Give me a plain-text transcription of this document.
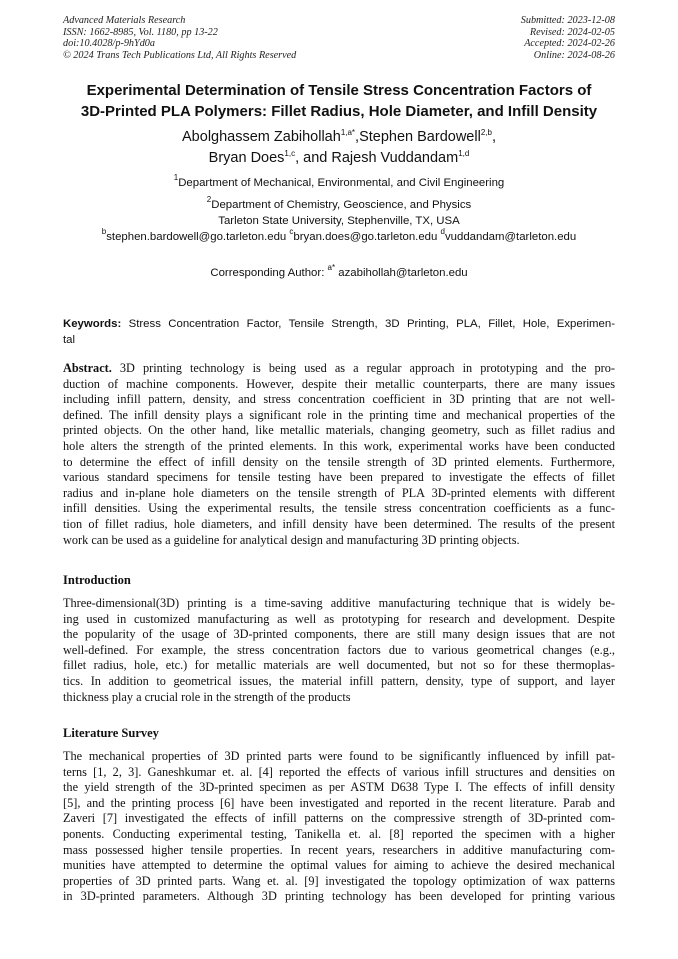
Advanced Materials Research
ISSN: 1662-8985, Vol. 1180, pp 13-22
doi:10.4028/p-9hYd0a
© 2024 Trans Tech Publications Ltd, All Rights Reserved
Submitted: 2023-12-08
Revised: 2024-02-05
Accepted: 2024-02-26
Online: 2024-08-26
Experimental Determination of Tensile Stress Concentration Factors of
3D-Printed PLA Polymers: Fillet Radius, Hole Diameter, and Infill Density
Abolghassem Zabihollah$^{1,a*}$,Stephen Bardowell$^{2,b}$,
Bryan Does$^{1,c}$, and Rajesh Vuddandam$^{1,d}$
$^1$Department of Mechanical, Environmental, and Civil Engineering
$^2$Department of Chemistry, Geoscience, and Physics
Tarleton State University, Stephenville, TX, USA
$^b$stephen.bardowell@go.tarleton.edu $^c$bryan.does@go.tarleton.edu $^d$vuddandam@tarleton.edu
Corresponding Author: $^{a*}$ azabihollah@tarleton.edu
Keywords: Stress Concentration Factor, Tensile Strength, 3D Printing, PLA, Fillet, Hole, Experimen-
tal
Abstract. 3D printing technology is being used as a regular approach in prototyping and the pro-
duction of machine components. However, despite their metallic counterparts, there are many issues
including infill pattern, density, and stress concentration coefficient in 3D printing that are not well-
defined. The infill density plays a significant role in the printing time and mechanical properties of the
printed objects. On the other hand, like metallic materials, changing geometry, such as fillet radius and
hole alters the strength of the printed elements. In this work, experimental works have been conducted
to determine the effect of infill density on the tensile strength of 3D printed elements. Furthermore,
various standard specimens for tensile testing have been prepared to investigate the effects of fillet
radius and in-plane hole diameters on the tensile strength of PLA 3D-printed elements with different
infill densities. Using the experimental results, the tensile stress concentration coefficients as a func-
tion of fillet radius, hole diameters, and infill density have been determined. The results of the present
work can be used as a guideline for analytical design and manufacturing 3D printing objects.
Introduction
Three-dimensional(3D) printing is a time-saving additive manufacturing technique that is widely be-
ing used in customized manufacturing as well as prototyping for research and development. Despite
the popularity of the usage of 3D-printed components, there are still many design issues that are not
well-defined. For example, the stress concentration factors due to various geometrical changes (e.g.,
fillet radius, hole, etc.) for metallic materials are well documented, but not so for these thermoplas-
tics. In addition to geometrical issues, the material infill pattern, density, type of support, and layer
thickness play a crucial role in the strength of the products
Literature Survey
The mechanical properties of 3D printed parts were found to be significantly influenced by infill pat-
terns [1, 2, 3]. Ganeshkumar et. al. [4] reported the effects of various infill structures and densities on
the yield strength of the 3D-printed specimen as per ASTM D638 Type I. The effects of infill density
[5], and the printing process [6] have been investigated and reported in the recent literature. Parab and
Zaveri [7] investigated the effects of infill patterns on the compressive strength of 3D-printed com-
ponents. Conducting experimental testing, Tanikella et. al. [8] reported the specimen with a higher
mass possessed higher tensile properties. In recent years, researchers in additive manufacturing com-
munities have attempted to determine the optimal values for aiming to achieve the desired mechanical
properties of 3D printed parts. Wang et. al. [9] investigated the topology optimization of wax patterns
in 3D-printed parameters. Although 3D printing technology has been developed for printing various
